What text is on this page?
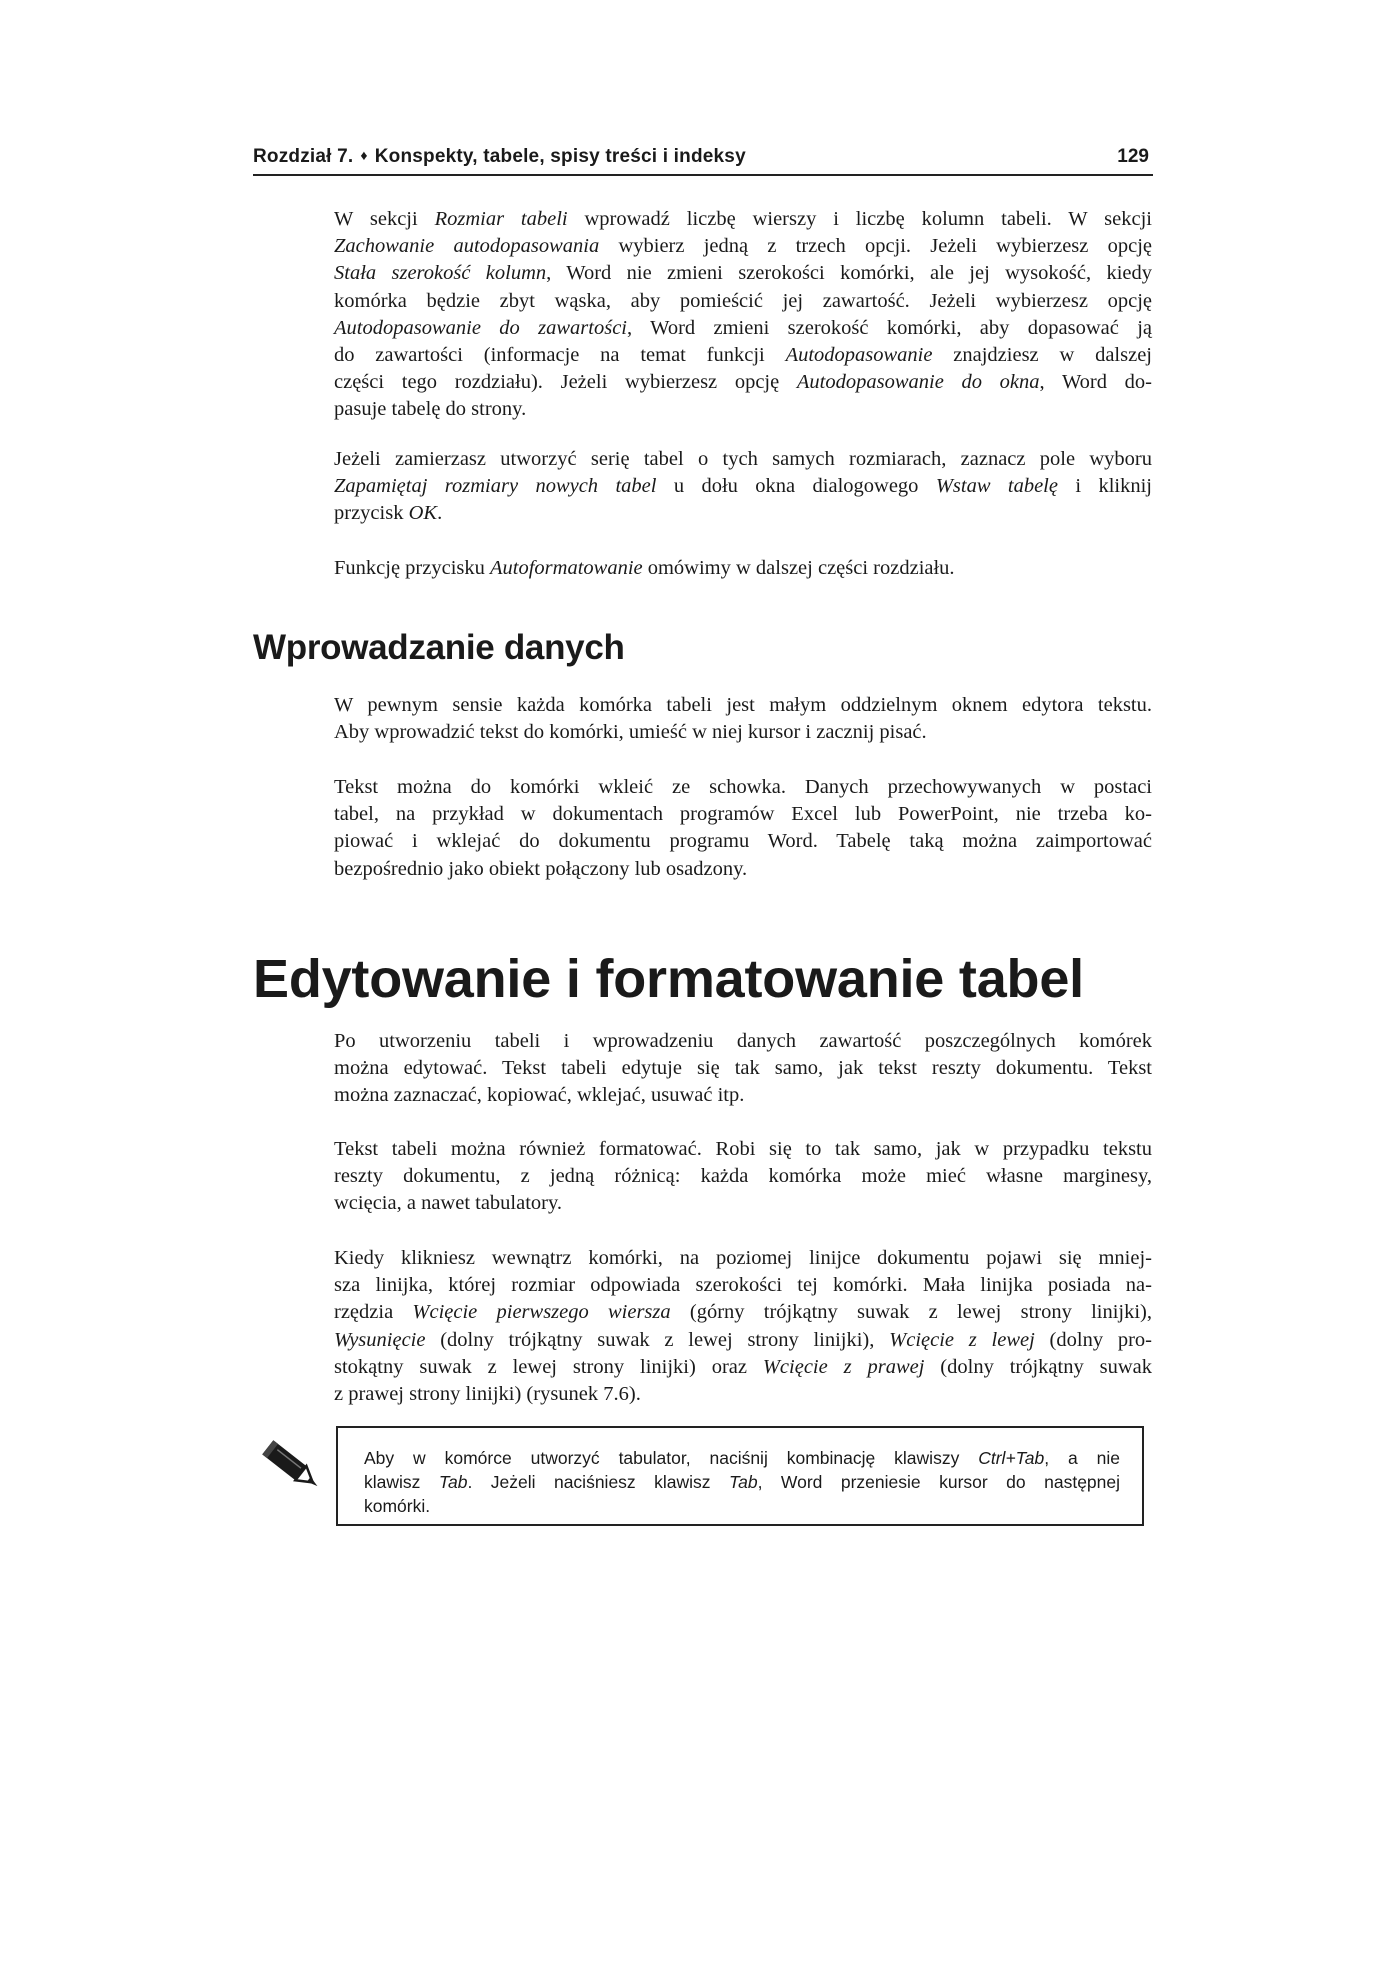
Rozdział 7. ♦ Konspekty, tabele, spisy treści i indeksy	129
W sekcji Rozmiar tabeli wprowadź liczbę wierszy i liczbę kolumn tabeli. W sekcji
Zachowanie autodopasowania wybierz jedną z trzech opcji. Jeżeli wybierzesz opcję
Stała szerokość kolumn, Word nie zmieni szerokości komórki, ale jej wysokość, kiedy
komórka będzie zbyt wąska, aby pomieścić jej zawartość. Jeżeli wybierzesz opcję
Autodopasowanie do zawartości, Word zmieni szerokość komórki, aby dopasować ją
do zawartości (informacje na temat funkcji Autodopasowanie znajdziesz w dalszej
części tego rozdziału). Jeżeli wybierzesz opcję Autodopasowanie do okna, Word do-
pasuje tabelę do strony.
Jeżeli zamierzasz utworzyć serię tabel o tych samych rozmiarach, zaznacz pole wyboru
Zapamiętaj rozmiary nowych tabel u dołu okna dialogowego Wstaw tabelę i kliknij
przycisk OK.
Funkcję przycisku Autoformatowanie omówimy w dalszej części rozdziału.
Wprowadzanie danych
W pewnym sensie każda komórka tabeli jest małym oddzielnym oknem edytora tekstu.
Aby wprowadzić tekst do komórki, umieść w niej kursor i zacznij pisać.
Tekst można do komórki wkleić ze schowka. Danych przechowywanych w postaci
tabel, na przykład w dokumentach programów Excel lub PowerPoint, nie trzeba ko-
piować i wklejać do dokumentu programu Word. Tabelę taką można zaimportować
bezpośrednio jako obiekt połączony lub osadzony.
Edytowanie i formatowanie tabel
Po utworzeniu tabeli i wprowadzeniu danych zawartość poszczególnych komórek
można edytować. Tekst tabeli edytuje się tak samo, jak tekst reszty dokumentu. Tekst
można zaznaczać, kopiować, wklejać, usuwać itp.
Tekst tabeli można również formatować. Robi się to tak samo, jak w przypadku tekstu
reszty dokumentu, z jedną różnicą: każda komórka może mieć własne marginesy,
wcięcia, a nawet tabulatory.
Kiedy klikniesz wewnątrz komórki, na poziomej linijce dokumentu pojawi się mniej-
sza linijka, której rozmiar odpowiada szerokości tej komórki. Mała linijka posiada na-
rzędzia Wcięcie pierwszego wiersza (górny trójkątny suwak z lewej strony linijki),
Wysunięcie (dolny trójkątny suwak z lewej strony linijki), Wcięcie z lewej (dolny pro-
stokątny suwak z lewej strony linijki) oraz Wcięcie z prawej (dolny trójkątny suwak
z prawej strony linijki) (rysunek 7.6).
Aby w komórce utworzyć tabulator, naciśnij kombinację klawiszy Ctrl+Tab, a nie
klawisz Tab. Jeżeli naciśniesz klawisz Tab, Word przeniesie kursor do następnej
komórki.
